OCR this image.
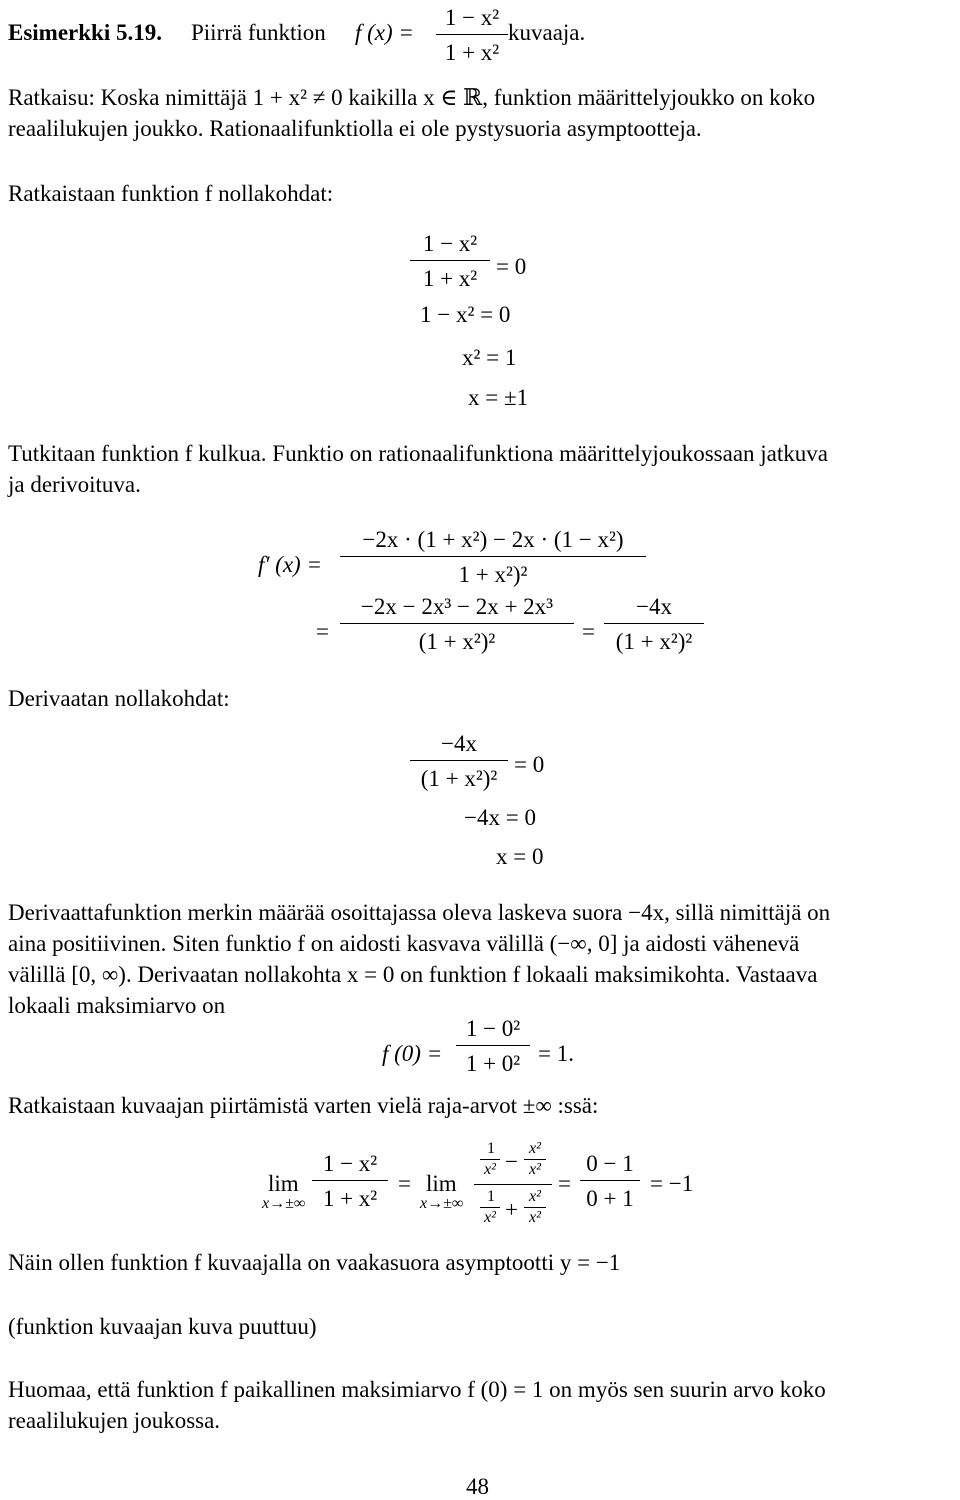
Esimerkki 5.19. Piirrä funktion f (x) =
1 − x²
1 + x²
kuvaaja.
Ratkaisu: Koska nimittäjä 1 + x² ≠ 0 kaikilla x ∈ ℝ, funktion määrittelyjoukko on koko
reaalilukujen joukko. Rationaalifunktiolla ei ole pystysuoria asymptootteja.
Ratkaistaan funktion f nollakohdat:
1 − x²
1 + x² = 0
1 − x² = 0
x² = 1
x = ±1
Tutkitaan funktion f kulkua. Funktio on rationaalifunktiona määrittelyjoukossaan jatkuva
ja derivoituva.
f′ (x) =
−2x · (1 + x²) − 2x · (1 − x²)
1 + x²)²
=
−2x − 2x³ − 2x + 2x³
(1 + x²)²	=
−4x
(1 + x²)²
Derivaatan nollakohdat:
−4x
(1 + x²)²
= 0
−4x = 0
x = 0
Derivaattafunktion merkin määrää osoittajassa oleva laskeva suora −4x, sillä nimittäjä on
aina positiivinen. Siten funktio f on aidosti kasvava välillä (−∞, 0] ja aidosti vähenevä
välillä [0, ∞). Derivaatan nollakohta x = 0 on funktion f lokaali maksimikohta. Vastaava
lokaali maksimiarvo on
f (0) =
1 − 0²
1 + 0² = 1.
Ratkaistaan kuvaajan piirtämistä varten vielä raja-arvot ±∞ :ssä:
lim
x→±∞
1 − x²
1 + x²
= lim
x→±∞
1
x² −
x²
x²
1
x² +
x²
x²
=
0 − 1
0 + 1
= −1
Näin ollen funktion f kuvaajalla on vaakasuora asymptootti y = −1
(funktion kuvaajan kuva puuttuu)
Huomaa, että funktion f paikallinen maksimiarvo f (0) = 1 on myös sen suurin arvo koko
reaalilukujen joukossa.
48
